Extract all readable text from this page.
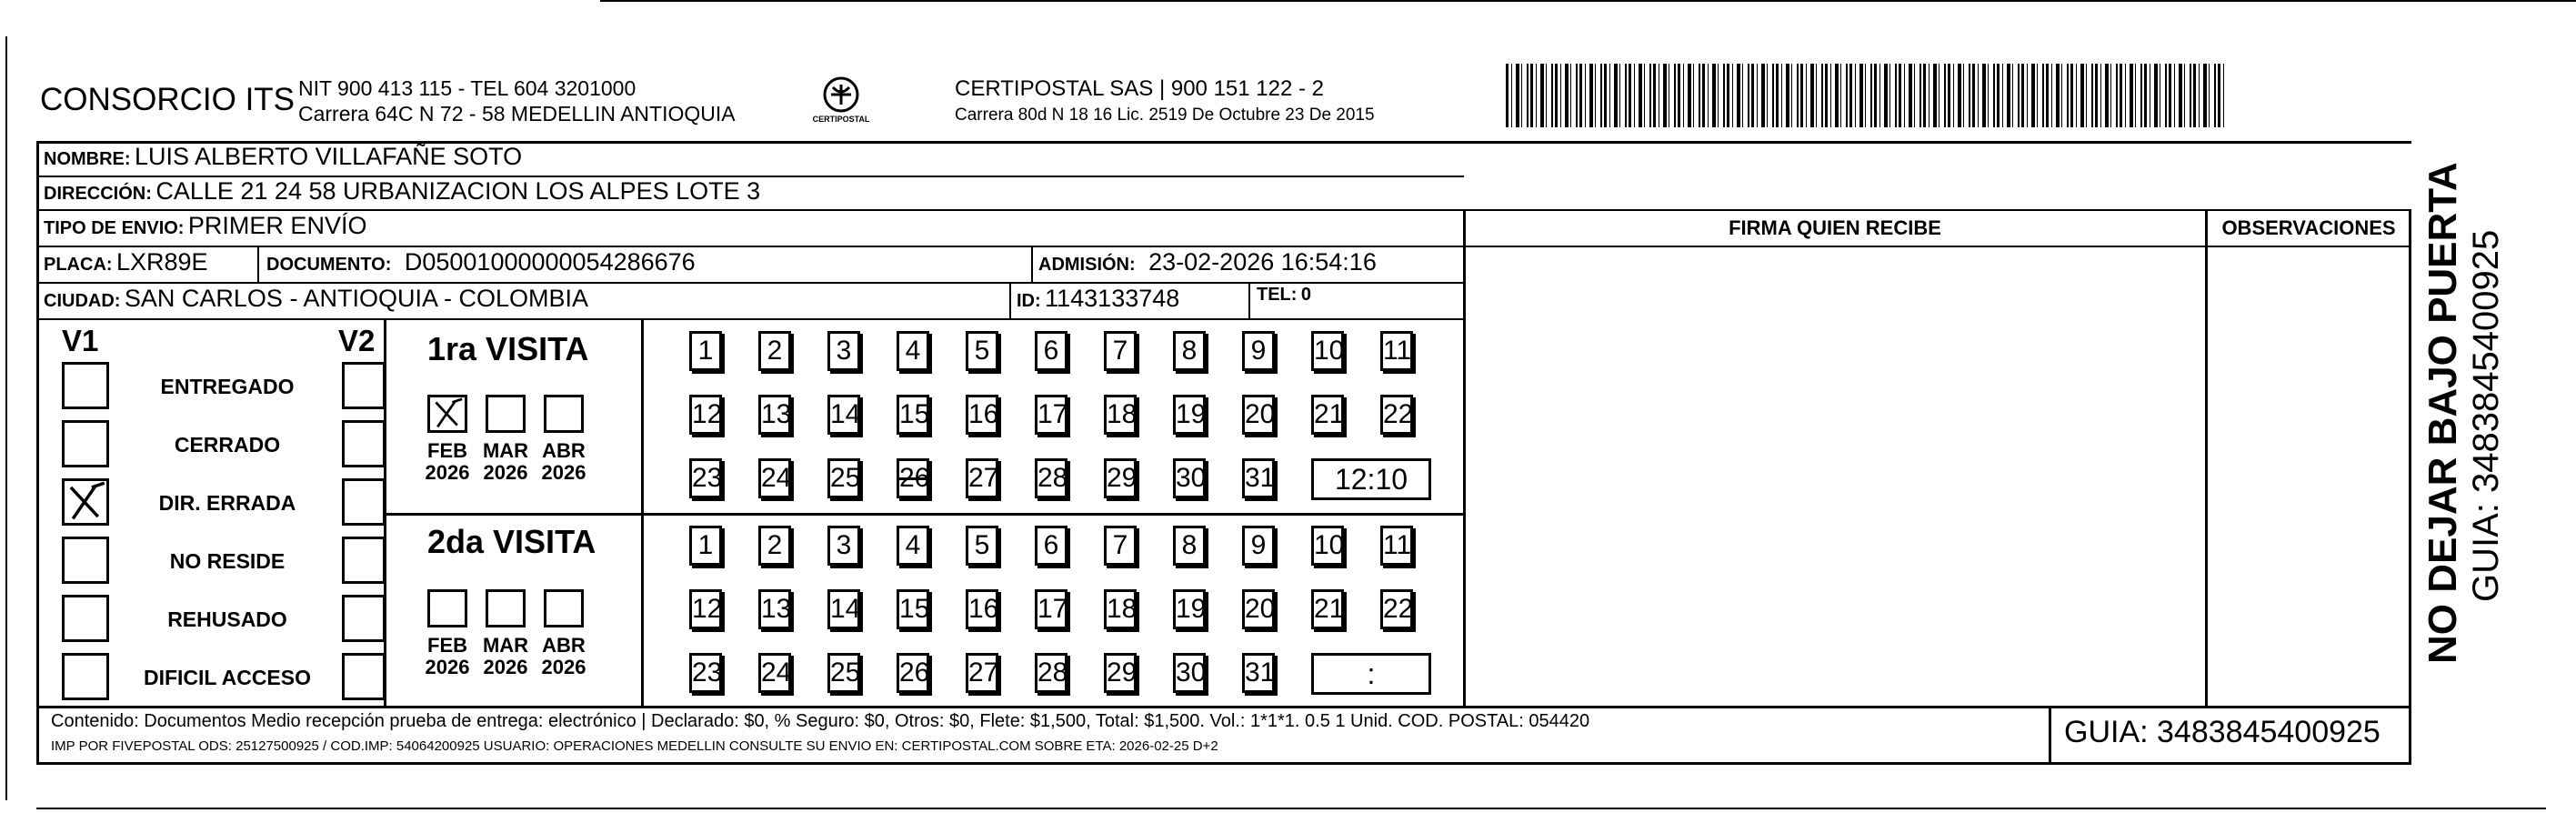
CONSORCIO ITS NIT 900 413 115 - TEL 604 3201000
Carrera 64C N 72 - 58 MEDELLIN ANTIOQUIA	CERTIPOSTAL
CERTIPOSTAL SAS | 900 151 122 - 2
Carrera 80d N 18 16 Lic. 2519 De Octubre 23 De 2015
NOMBRE: LUIS ALBERTO VILLAFAÑE SOTO
DIRECCIÓN: CALLE 21 24 58 URBANIZACION LOS ALPES LOTE 3
TIPO DE ENVIO: PRIMER ENVÍO
PLACA: LXR89E	DOCUMENTO: D05001000000054286676	ADMISIÓN: 23-02-2026 16:54:16
CIUDAD: SAN CARLOS - ANTIOQUIA - COLOMBIA	ID: 1143133748	TEL: 0
FIRMA QUIEN RECIBE	OBSERVACIONES
V1	V2
ENTREGADO
CERRADO
DIR. ERRADA
NO RESIDE
REHUSADO
DIFICIL ACCESO
1ra VISITA
FEB
2026
MAR
2026
ABR
2026
1	2	3	4	5	6	7	8	9	10 11
12 13 14 15 16 17 18 19 20 21 22
23 24 25 26 27 28 29 30 31	12:10
2da VISITA
FEB
2026
MAR
2026
ABR
2026
1	2	3	4	5	6	7	8	9	10 11
12 13 14 15 16 17 18 19 20 21 22
23 24 25 26 27 28 29 30 31	:
Contenido: Documentos Medio recepción prueba de entrega: electrónico | Declarado: $0, % Seguro: $0, Otros: $0, Flete: $1,500, Total: $1,500. Vol.: 1*1*1. 0.5 1 Unid. COD. POSTAL: 054420
IMP POR FIVEPOSTAL ODS: 25127500925 / COD.IMP: 54064200925 USUARIO: OPERACIONES MEDELLIN CONSULTE SU ENVIO EN: CERTIPOSTAL.COM SOBRE ETA: 2026-02-25 D+2	GUIA: 3483845400925
NO DEJAR BAJO PUERTA GUIA: 3483845400925
